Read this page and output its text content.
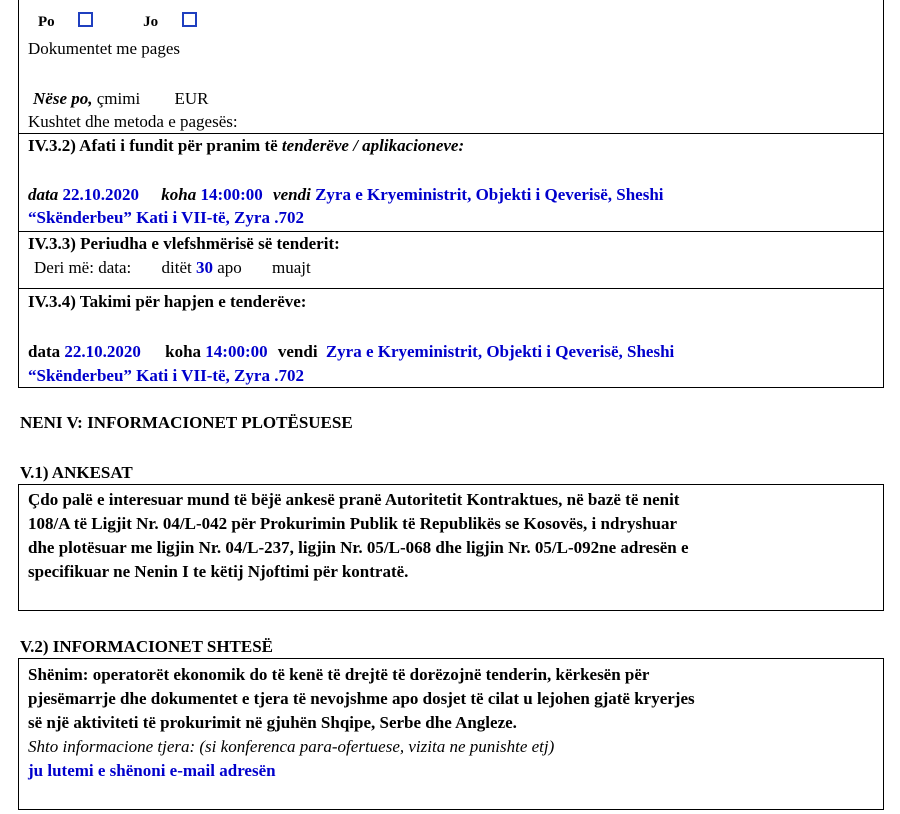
Po	Jo
Dokumentet me pages
Nëse po, çmimi EUR
Kushtet dhe metoda e pagesës:
IV.3.2) Afati i fundit për pranim të tenderëve / aplikacioneve:
data 22.10.2020 koha 14:00:00 vendi Zyra e Kryeministrit, Objekti i Qeverisë, Sheshi
“Skënderbeu” Kati i VII-të, Zyra .702
IV.3.3) Periudha e vlefshmërisë së tenderit:
Deri më: data: ditët 30 apo muajt
IV.3.4) Takimi për hapjen e tenderëve:
data 22.10.2020 koha 14:00:00 vendi Zyra e Kryeministrit, Objekti i Qeverisë, Sheshi
“Skënderbeu” Kati i VII-të, Zyra .702
NENI V: INFORMACIONET PLOTËSUESE
V.1) ANKESAT
Çdo palë e interesuar mund të bëjë ankesë pranë Autoritetit Kontraktues, në bazë të nenit
108/A të Ligjit Nr. 04/L-042 për Prokurimin Publik të Republikës se Kosovës, i ndryshuar
dhe plotësuar me ligjin Nr. 04/L-237, ligjin Nr. 05/L-068 dhe ligjin Nr. 05/L-092ne adresën e
specifikuar ne Nenin I te këtij Njoftimi për kontratë.
V.2) INFORMACIONET SHTESË
Shënim: operatorët ekonomik do të kenë të drejtë të dorëzojnë tenderin, kërkesën për
pjesëmarrje dhe dokumentet e tjera të nevojshme apo dosjet të cilat u lejohen gjatë kryerjes
së një aktiviteti të prokurimit në gjuhën Shqipe, Serbe dhe Angleze.
Shto informacione tjera: (si konferenca para-ofertuese, vizita ne punishte etj)
ju lutemi e shënoni e-mail adresën
